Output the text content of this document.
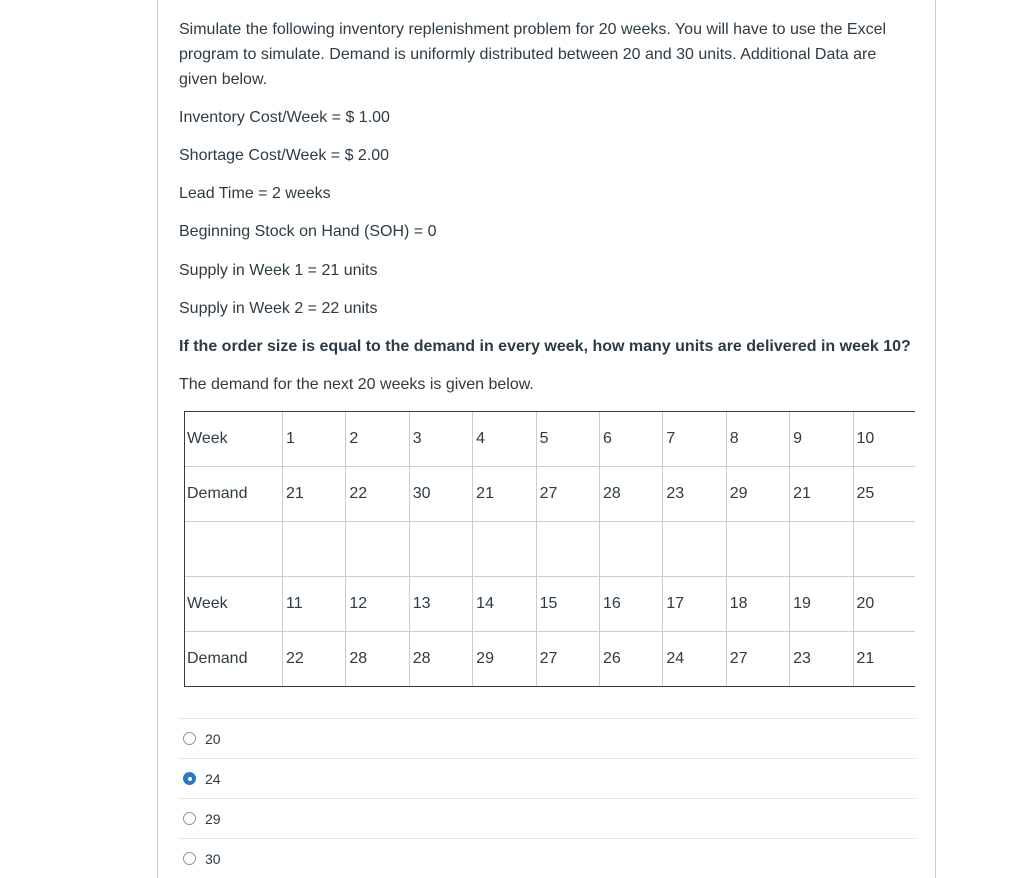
Simulate the following inventory replenishment problem for 20 weeks. You will have to use the Excel program to simulate. Demand is uniformly distributed between 20 and 30 units. Additional Data are given below.

Inventory Cost/Week = $ 1.00

Shortage Cost/Week = $ 2.00

Lead Time = 2 weeks

Beginning Stock on Hand (SOH) = 0

Supply in Week 1 = 21 units

Supply in Week 2 = 22 units

If the order size is equal to the demand in every week, how many units are delivered in week 10?

The demand for the next 20 weeks is given below.

Week	1	2	3	4	5	6	7	8	9	10
Demand	21	22	30	21	27	28	23	29	21	25

Week	11	12	13	14	15	16	17	18	19	20
Demand	22	28	28	29	27	26	24	27	23	21
20
24
29
30
